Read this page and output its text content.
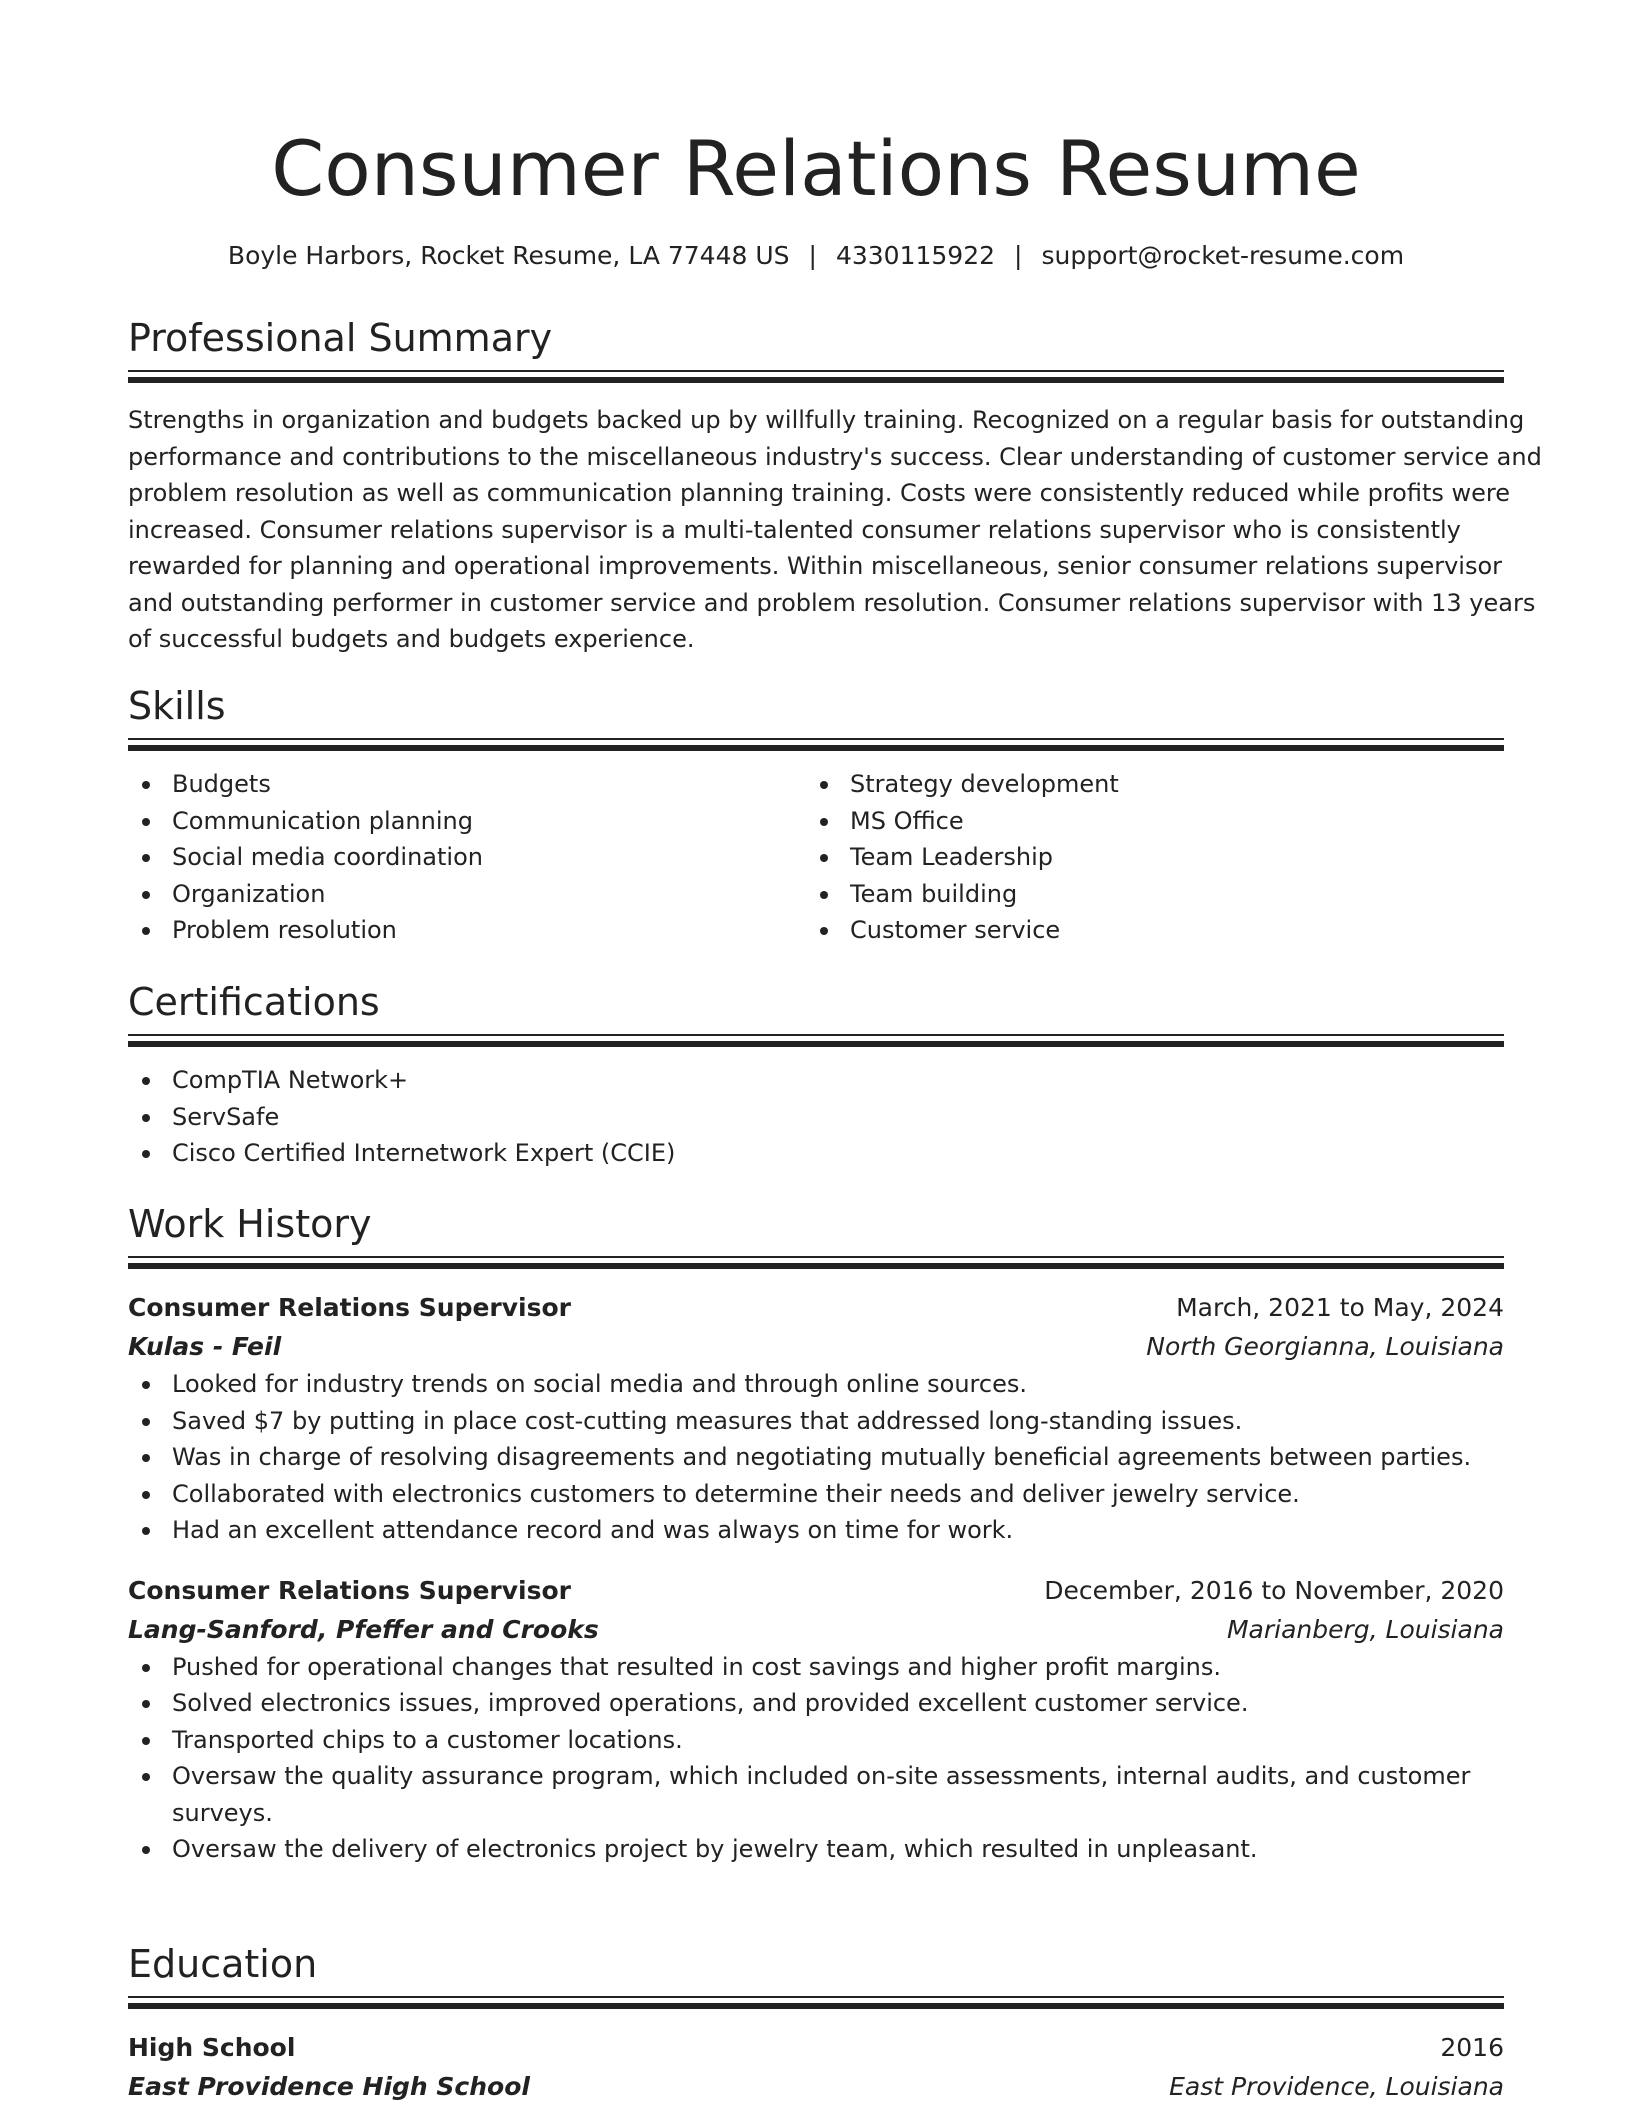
Consumer Relations Resume
Boyle Harbors, Rocket Resume, LA 77448 US | 4330115922 | support@rocket-resume.com
Professional Summary
Strengths in organization and budgets backed up by willfully training. Recognized on a regular basis for outstanding
performance and contributions to the miscellaneous industry's success. Clear understanding of customer service and
problem resolution as well as communication planning training. Costs were consistently reduced while profits were
increased. Consumer relations supervisor is a multi-talented consumer relations supervisor who is consistently
rewarded for planning and operational improvements. Within miscellaneous, senior consumer relations supervisor
and outstanding performer in customer service and problem resolution. Consumer relations supervisor with 13 years
of successful budgets and budgets experience.
Skills
Budgets
Communication planning
Social media coordination
Organization
Problem resolution
Strategy development
MS Office
Team Leadership
Team building
Customer service
Certifications
CompTIA Network+
ServSafe
Cisco Certified Internetwork Expert (CCIE)
Work History
Consumer Relations Supervisor	March, 2021 to May, 2024
Kulas - Feil	North Georgianna, Louisiana
Looked for industry trends on social media and through online sources.
Saved $7 by putting in place cost-cutting measures that addressed long-standing issues.
Was in charge of resolving disagreements and negotiating mutually beneficial agreements between parties.
Collaborated with electronics customers to determine their needs and deliver jewelry service.
Had an excellent attendance record and was always on time for work.
Consumer Relations Supervisor	December, 2016 to November, 2020
Lang-Sanford, Pfeffer and Crooks	Marianberg, Louisiana
Pushed for operational changes that resulted in cost savings and higher profit margins.
Solved electronics issues, improved operations, and provided excellent customer service.
Transported chips to a customer locations.
Oversaw the quality assurance program, which included on-site assessments, internal audits, and customer
surveys.
Oversaw the delivery of electronics project by jewelry team, which resulted in unpleasant.
Education
High School	2016
East Providence High School	East Providence, Louisiana
